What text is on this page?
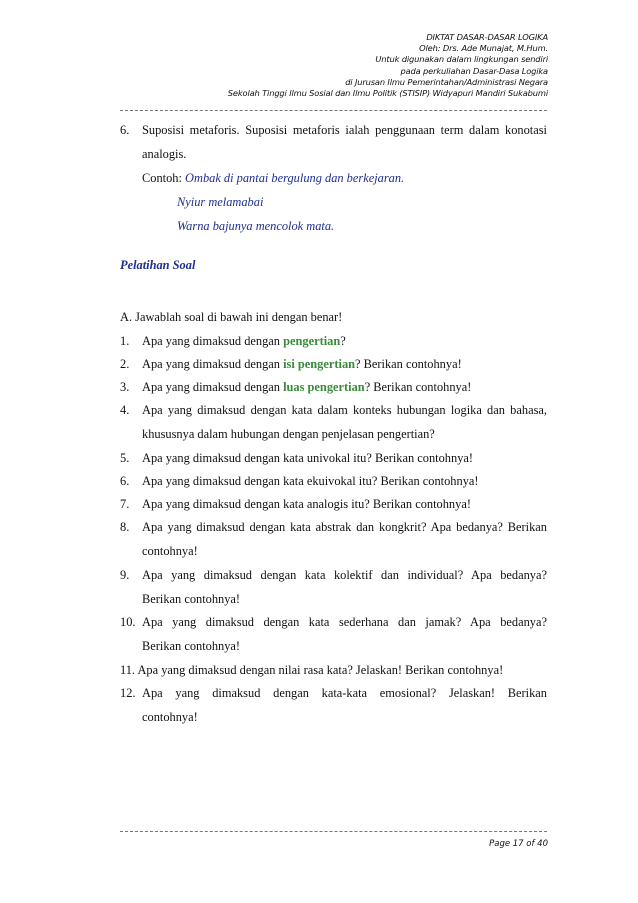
DIKTAT DASAR-DASAR LOGIKA
Oleh: Drs. Ade Munajat, M.Hum.
Untuk digunakan dalam lingkungan sendiri
pada perkuliahan Dasar-Dasa Logika
di Jurusan Ilmu Pemerintahan/Administrasi Negara
Sekolah Tinggi Ilmu Sosial dan Ilmu Politik (STISIP) Widyapuri Mandiri Sukabumi
6. Suposisi metaforis. Suposisi metaforis ialah penggunaan term dalam konotasi
analogis.
Contoh: Ombak di pantai bergulung dan berkejaran.
Nyiur melamabai
Warna bajunya mencolok mata.
Pelatihan Soal
A. Jawablah soal di bawah ini dengan benar!
1. Apa yang dimaksud dengan pengertian?
2. Apa yang dimaksud dengan isi pengertian? Berikan contohnya!
3. Apa yang dimaksud dengan luas pengertian? Berikan contohnya!
4. Apa yang dimaksud dengan kata dalam konteks hubungan logika dan bahasa,
khususnya dalam hubungan dengan penjelasan pengertian?
5. Apa yang dimaksud dengan kata univokal itu? Berikan contohnya!
6. Apa yang dimaksud dengan kata ekuivokal itu? Berikan contohnya!
7. Apa yang dimaksud dengan kata analogis itu? Berikan contohnya!
8. Apa yang dimaksud dengan kata abstrak dan kongkrit? Apa bedanya? Berikan
contohnya!
9. Apa yang dimaksud dengan kata kolektif dan individual? Apa bedanya?
Berikan contohnya!
10. Apa yang dimaksud dengan kata sederhana dan jamak? Apa bedanya?
Berikan contohnya!
11. Apa yang dimaksud dengan nilai rasa kata? Jelaskan! Berikan contohnya!
12. Apa yang dimaksud dengan kata-kata emosional? Jelaskan! Berikan
contohnya!
Page 17 of 40
